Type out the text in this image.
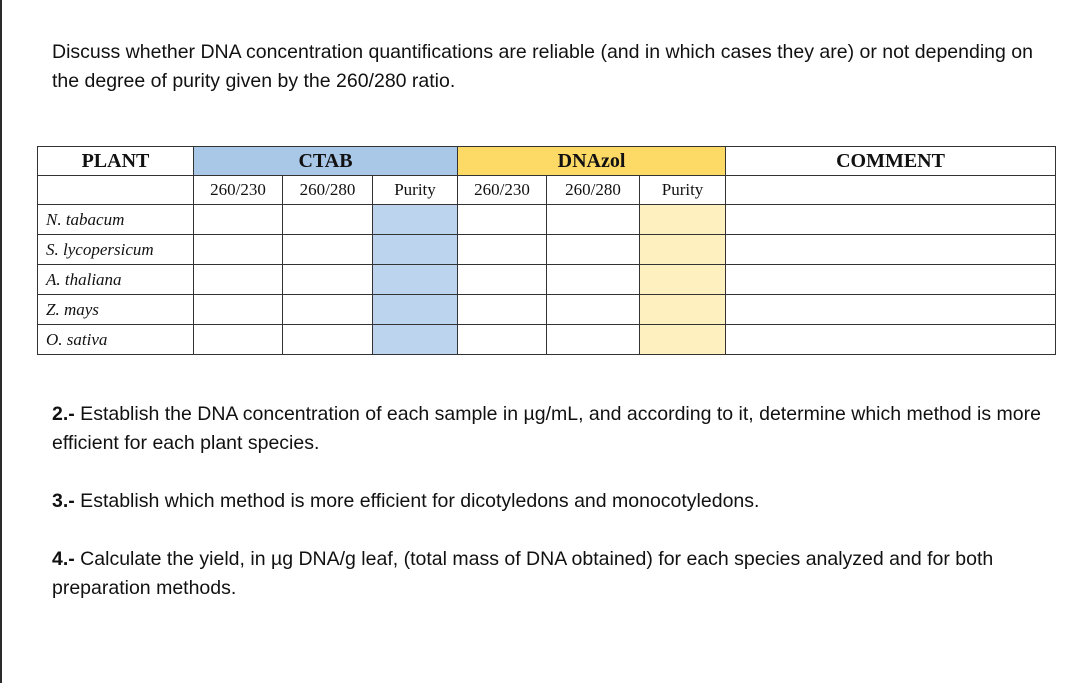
Discuss whether DNA concentration quantifications are reliable (and in which cases they are) or not depending on the degree of purity given by the 260/280 ratio.
PLANT	CTAB			DNAzol			COMMENT
	260/230	260/280	Purity	260/230	260/280	Purity	
N. tabacum							
S. lycopersicum							
A. thaliana							
Z. mays							
O. sativa							
2.- Establish the DNA concentration of each sample in µg/mL, and according to it, determine which method is more efficient for each plant species.
3.- Establish which method is more efficient for dicotyledons and monocotyledons.
4.- Calculate the yield, in µg DNA/g leaf, (total mass of DNA obtained) for each species analyzed and for both preparation methods.
